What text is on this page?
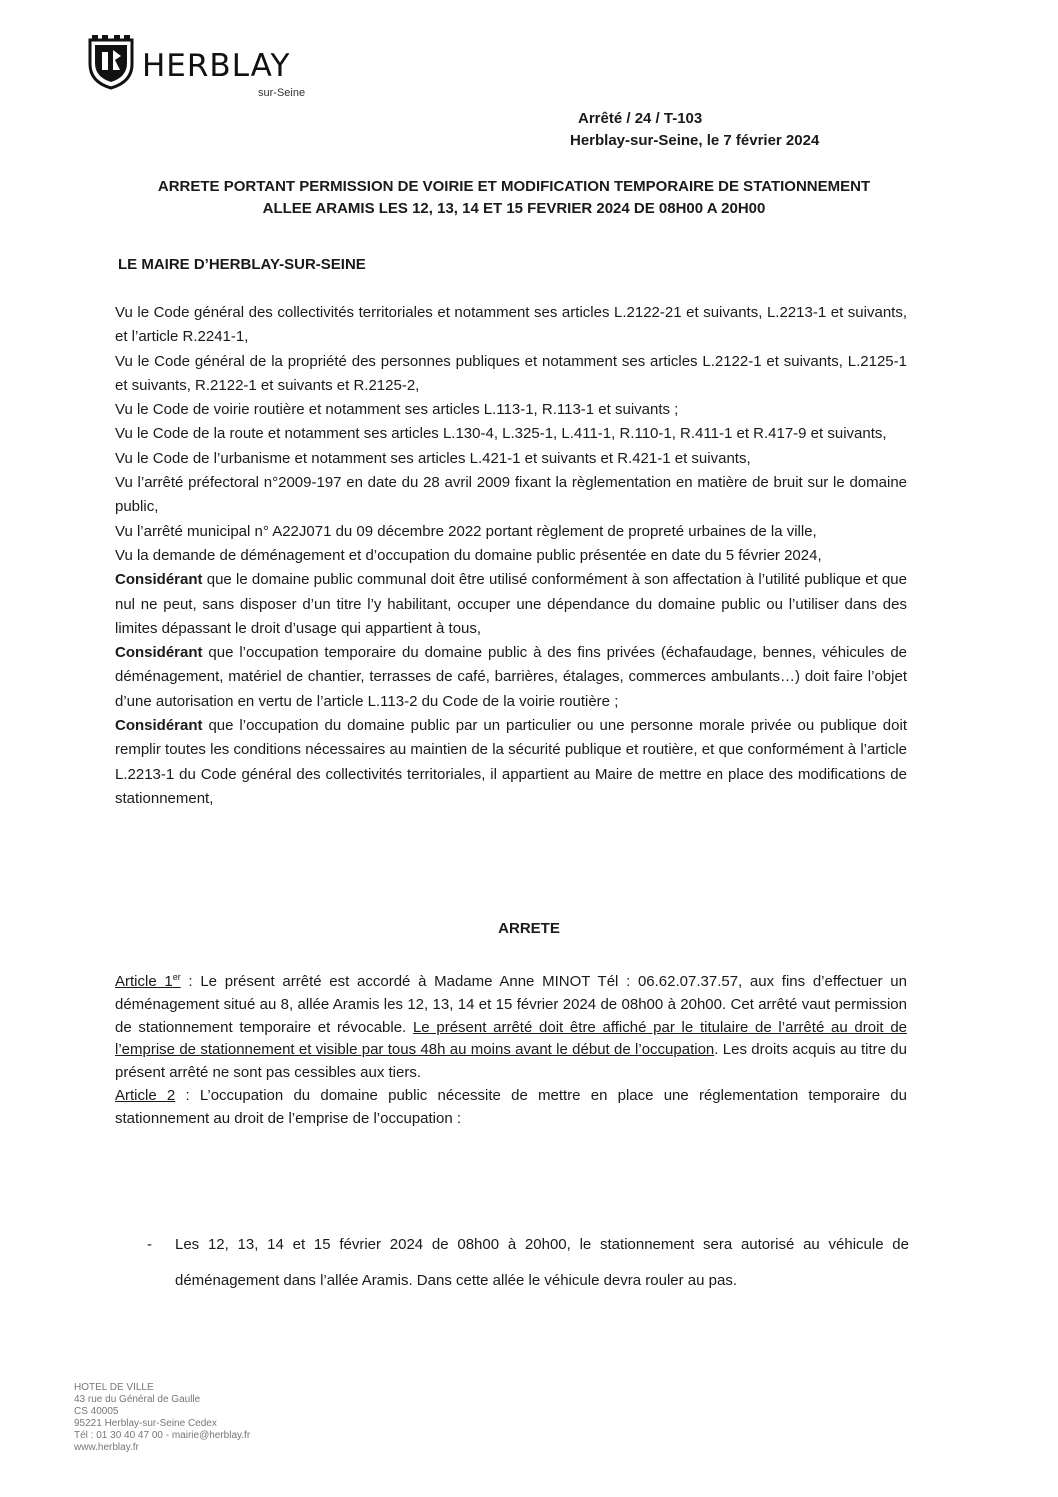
HERBLAY
sur-Seine
Arrêté / 24 / T-103
Herblay-sur-Seine, le 7 février 2024
ARRETE PORTANT PERMISSION DE VOIRIE ET MODIFICATION TEMPORAIRE DE STATIONNEMENT
ALLEE ARAMIS LES 12, 13, 14 ET 15 FEVRIER 2024 DE 08H00 A 20H00
LE MAIRE D’HERBLAY-SUR-SEINE

Vu le Code général des collectivités territoriales et notamment ses articles L.2122-21 et suivants, L.2213-1 et suivants, et l’article R.2241-1,

Vu le Code général de la propriété des personnes publiques et notamment ses articles L.2122-1 et suivants, L.2125-1 et suivants, R.2122-1 et suivants et R.2125-2,

Vu le Code de voirie routière et notamment ses articles L.113-1, R.113-1 et suivants ;

Vu le Code de la route et notamment ses articles L.130-4, L.325-1, L.411-1, R.110-1, R.411-1 et R.417-9 et suivants,

Vu le Code de l’urbanisme et notamment ses articles L.421-1 et suivants et R.421-1 et suivants,

Vu l’arrêté préfectoral n°2009-197 en date du 28 avril 2009 fixant la règlementation en matière de bruit sur le domaine public,

Vu l’arrêté municipal n° A22J071 du 09 décembre 2022 portant règlement de propreté urbaines de la ville,

Vu la demande de déménagement et d’occupation du domaine public présentée en date du 5 février 2024,

Considérant que le domaine public communal doit être utilisé conformément à son affectation à l’utilité publique et que nul ne peut, sans disposer d’un titre l’y habilitant, occuper une dépendance du domaine public ou l’utiliser dans des limites dépassant le droit d’usage qui appartient à tous,

Considérant que l’occupation temporaire du domaine public à des fins privées (échafaudage, bennes, véhicules de déménagement, matériel de chantier, terrasses de café, barrières, étalages, commerces ambulants…) doit faire l’objet d’une autorisation en vertu de l’article L.113-2 du Code de la voirie routière ;

Considérant que l’occupation du domaine public par un particulier ou une personne morale privée ou publique doit remplir toutes les conditions nécessaires au maintien de la sécurité publique et routière, et que conformément à l’article L.2213-1 du Code général des collectivités territoriales, il appartient au Maire de mettre en place des modifications de stationnement,

ARRETE

Article 1er : Le présent arrêté est accordé à Madame Anne MINOT Tél : 06.62.07.37.57, aux fins d’effectuer un déménagement situé au 8, allée Aramis les 12, 13, 14 et 15 février 2024 de 08h00 à 20h00. Cet arrêté vaut permission de stationnement temporaire et révocable. Le présent arrêté doit être affiché par le titulaire de l’arrêté au droit de l’emprise de stationnement et visible par tous 48h au moins avant le début de l’occupation. Les droits acquis au titre du présent arrêté ne sont pas cessibles aux tiers.

Article 2 : L’occupation du domaine public nécessite de mettre en place une réglementation temporaire du stationnement au droit de l’emprise de l’occupation :

-	Les 12, 13, 14 et 15 février 2024 de 08h00 à 20h00, le stationnement sera autorisé au véhicule de déménagement dans l’allée Aramis. Dans cette allée le véhicule devra rouler au pas.
HOTEL DE VILLE
43 rue du Général de Gaulle
CS 40005
95221 Herblay-sur-Seine Cedex
Tél : 01 30 40 47 00 - mairie@herblay.fr
www.herblay.fr
